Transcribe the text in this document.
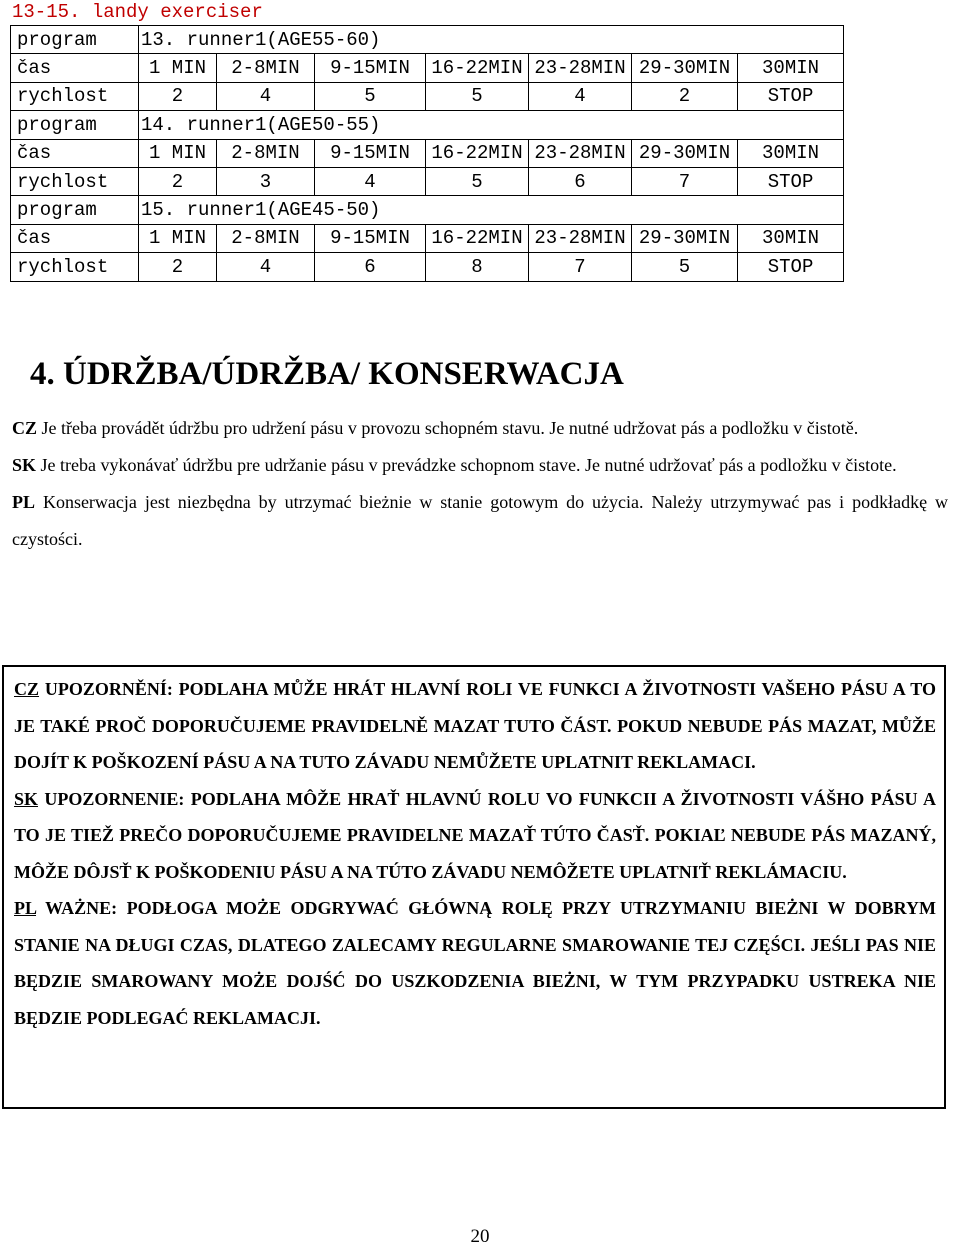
13-15. landy exerciser
program	13. runner1(AGE55-60)						
čas	1 MIN	2-8MIN	9-15MIN	16-22MIN	23-28MIN	29-30MIN	30MIN
rychlost	2	4	5	5	4	2	STOP
program	14. runner1(AGE50-55)						
čas	1 MIN	2-8MIN	9-15MIN	16-22MIN	23-28MIN	29-30MIN	30MIN
rychlost	2	3	4	5	6	7	STOP
program	15. runner1(AGE45-50)						
čas	1 MIN	2-8MIN	9-15MIN	16-22MIN	23-28MIN	29-30MIN	30MIN
rychlost	2	4	6	8	7	5	STOP
4. ÚDRŽBA/ÚDRŽBA/ KONSERWACJA

CZ Je třeba provádět údržbu pro udržení pásu v provozu schopném stavu. Je nutné udržovat pás a podložku v čistotě.

SK Je treba vykonávať údržbu pre udržanie pásu v prevádzke schopnom stave. Je nutné udržovať pás a podložku v čistote.

PL Konserwacja jest niezbędna by utrzymać bieżnie w stanie gotowym do użycia. Należy utrzymywać pas i podkładkę w czystości.

CZ UPOZORNĚNÍ: PODLAHA MŮŽE HRÁT HLAVNÍ ROLI VE FUNKCI A ŽIVOTNOSTI VAŠEHO PÁSU A TO JE TAKÉ PROČ DOPORUČUJEME PRAVIDELNĚ MAZAT TUTO ČÁST. POKUD NEBUDE PÁS MAZAT, MŮŽE DOJÍT K POŠKOZENÍ PÁSU A NA TUTO ZÁVADU NEMŮŽETE UPLATNIT REKLAMACI.

SK UPOZORNENIE: PODLAHA MÔŽE HRAŤ HLAVNÚ ROLU VO FUNKCII A ŽIVOTNOSTI VÁŠHO PÁSU A TO JE TIEŽ PREČO DOPORUČUJEME PRAVIDELNE MAZAŤ TÚTO ČASŤ. POKIAĽ NEBUDE PÁS MAZANÝ, MÔŽE DÔJSŤ K POŠKODENIU PÁSU A NA TÚTO ZÁVADU NEMÔŽETE UPLATNIŤ REKLÁMACIU.

PL WAŻNE: PODŁOGA MOŻE ODGRYWAĆ GŁÓWNĄ ROLĘ PRZY UTRZYMANIU BIEŻNI W DOBRYM STANIE NA DŁUGI CZAS, DLATEGO ZALECAMY REGULARNE SMAROWANIE TEJ CZĘŚCI. JEŚLI PAS NIE BĘDZIE SMAROWANY MOŻE DOJŚĆ DO USZKODZENIA BIEŻNI, W TYM PRZYPADKU USTREKA NIE BĘDZIE PODLEGAĆ REKLAMACJI.

20
